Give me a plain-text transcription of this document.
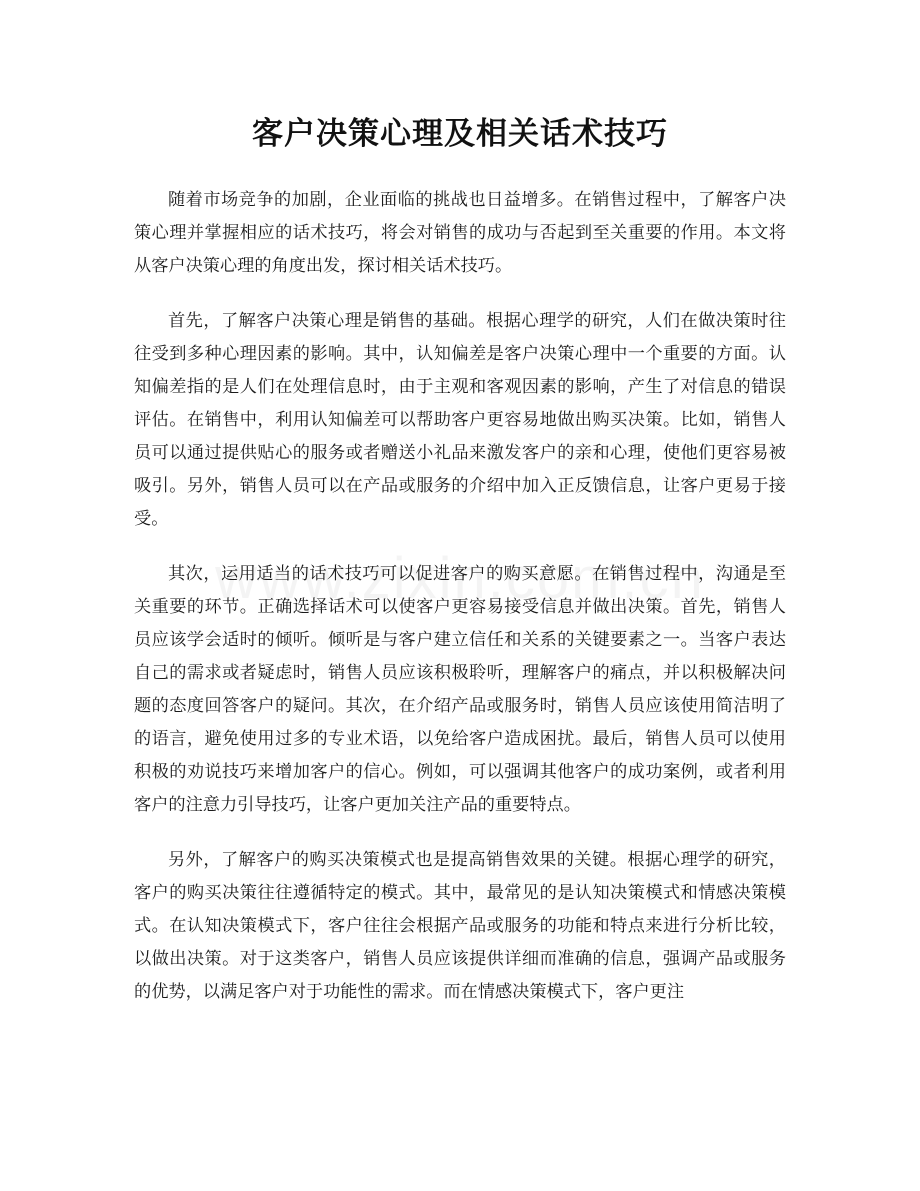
客户决策心理及相关话术技巧

随着市场竞争的加剧，企业面临的挑战也日益增多。在销售过程中，了解客户决策心理并掌握相应的话术技巧，将会对销售的成功与否起到至关重要的作用。本文将从客户决策心理的角度出发，探讨相关话术技巧。

首先，了解客户决策心理是销售的基础。根据心理学的研究，人们在做决策时往往受到多种心理因素的影响。其中，认知偏差是客户决策心理中一个重要的方面。认知偏差指的是人们在处理信息时，由于主观和客观因素的影响，产生了对信息的错误评估。在销售中，利用认知偏差可以帮助客户更容易地做出购买决策。比如，销售人员可以通过提供贴心的服务或者赠送小礼品来激发客户的亲和心理，使他们更容易被吸引。另外，销售人员可以在产品或服务的介绍中加入正反馈信息，让客户更易于接受。

其次，运用适当的话术技巧可以促进客户的购买意愿。在销售过程中，沟通是至关重要的环节。正确选择话术可以使客户更容易接受信息并做出决策。首先，销售人员应该学会适时的倾听。倾听是与客户建立信任和关系的关键要素之一。当客户表达自己的需求或者疑虑时，销售人员应该积极聆听，理解客户的痛点，并以积极解决问题的态度回答客户的疑问。其次，在介绍产品或服务时，销售人员应该使用简洁明了的语言，避免使用过多的专业术语，以免给客户造成困扰。最后，销售人员可以使用积极的劝说技巧来增加客户的信心。例如，可以强调其他客户的成功案例，或者利用客户的注意力引导技巧，让客户更加关注产品的重要特点。

另外，了解客户的购买决策模式也是提高销售效果的关键。根据心理学的研究，客户的购买决策往往遵循特定的模式。其中，最常见的是认知决策模式和情感决策模式。在认知决策模式下，客户往往会根据产品或服务的功能和特点来进行分析比较，以做出决策。对于这类客户，销售人员应该提供详细而准确的信息，强调产品或服务的优势，以满足客户对于功能性的需求。而在情感决策模式下，客户更注
